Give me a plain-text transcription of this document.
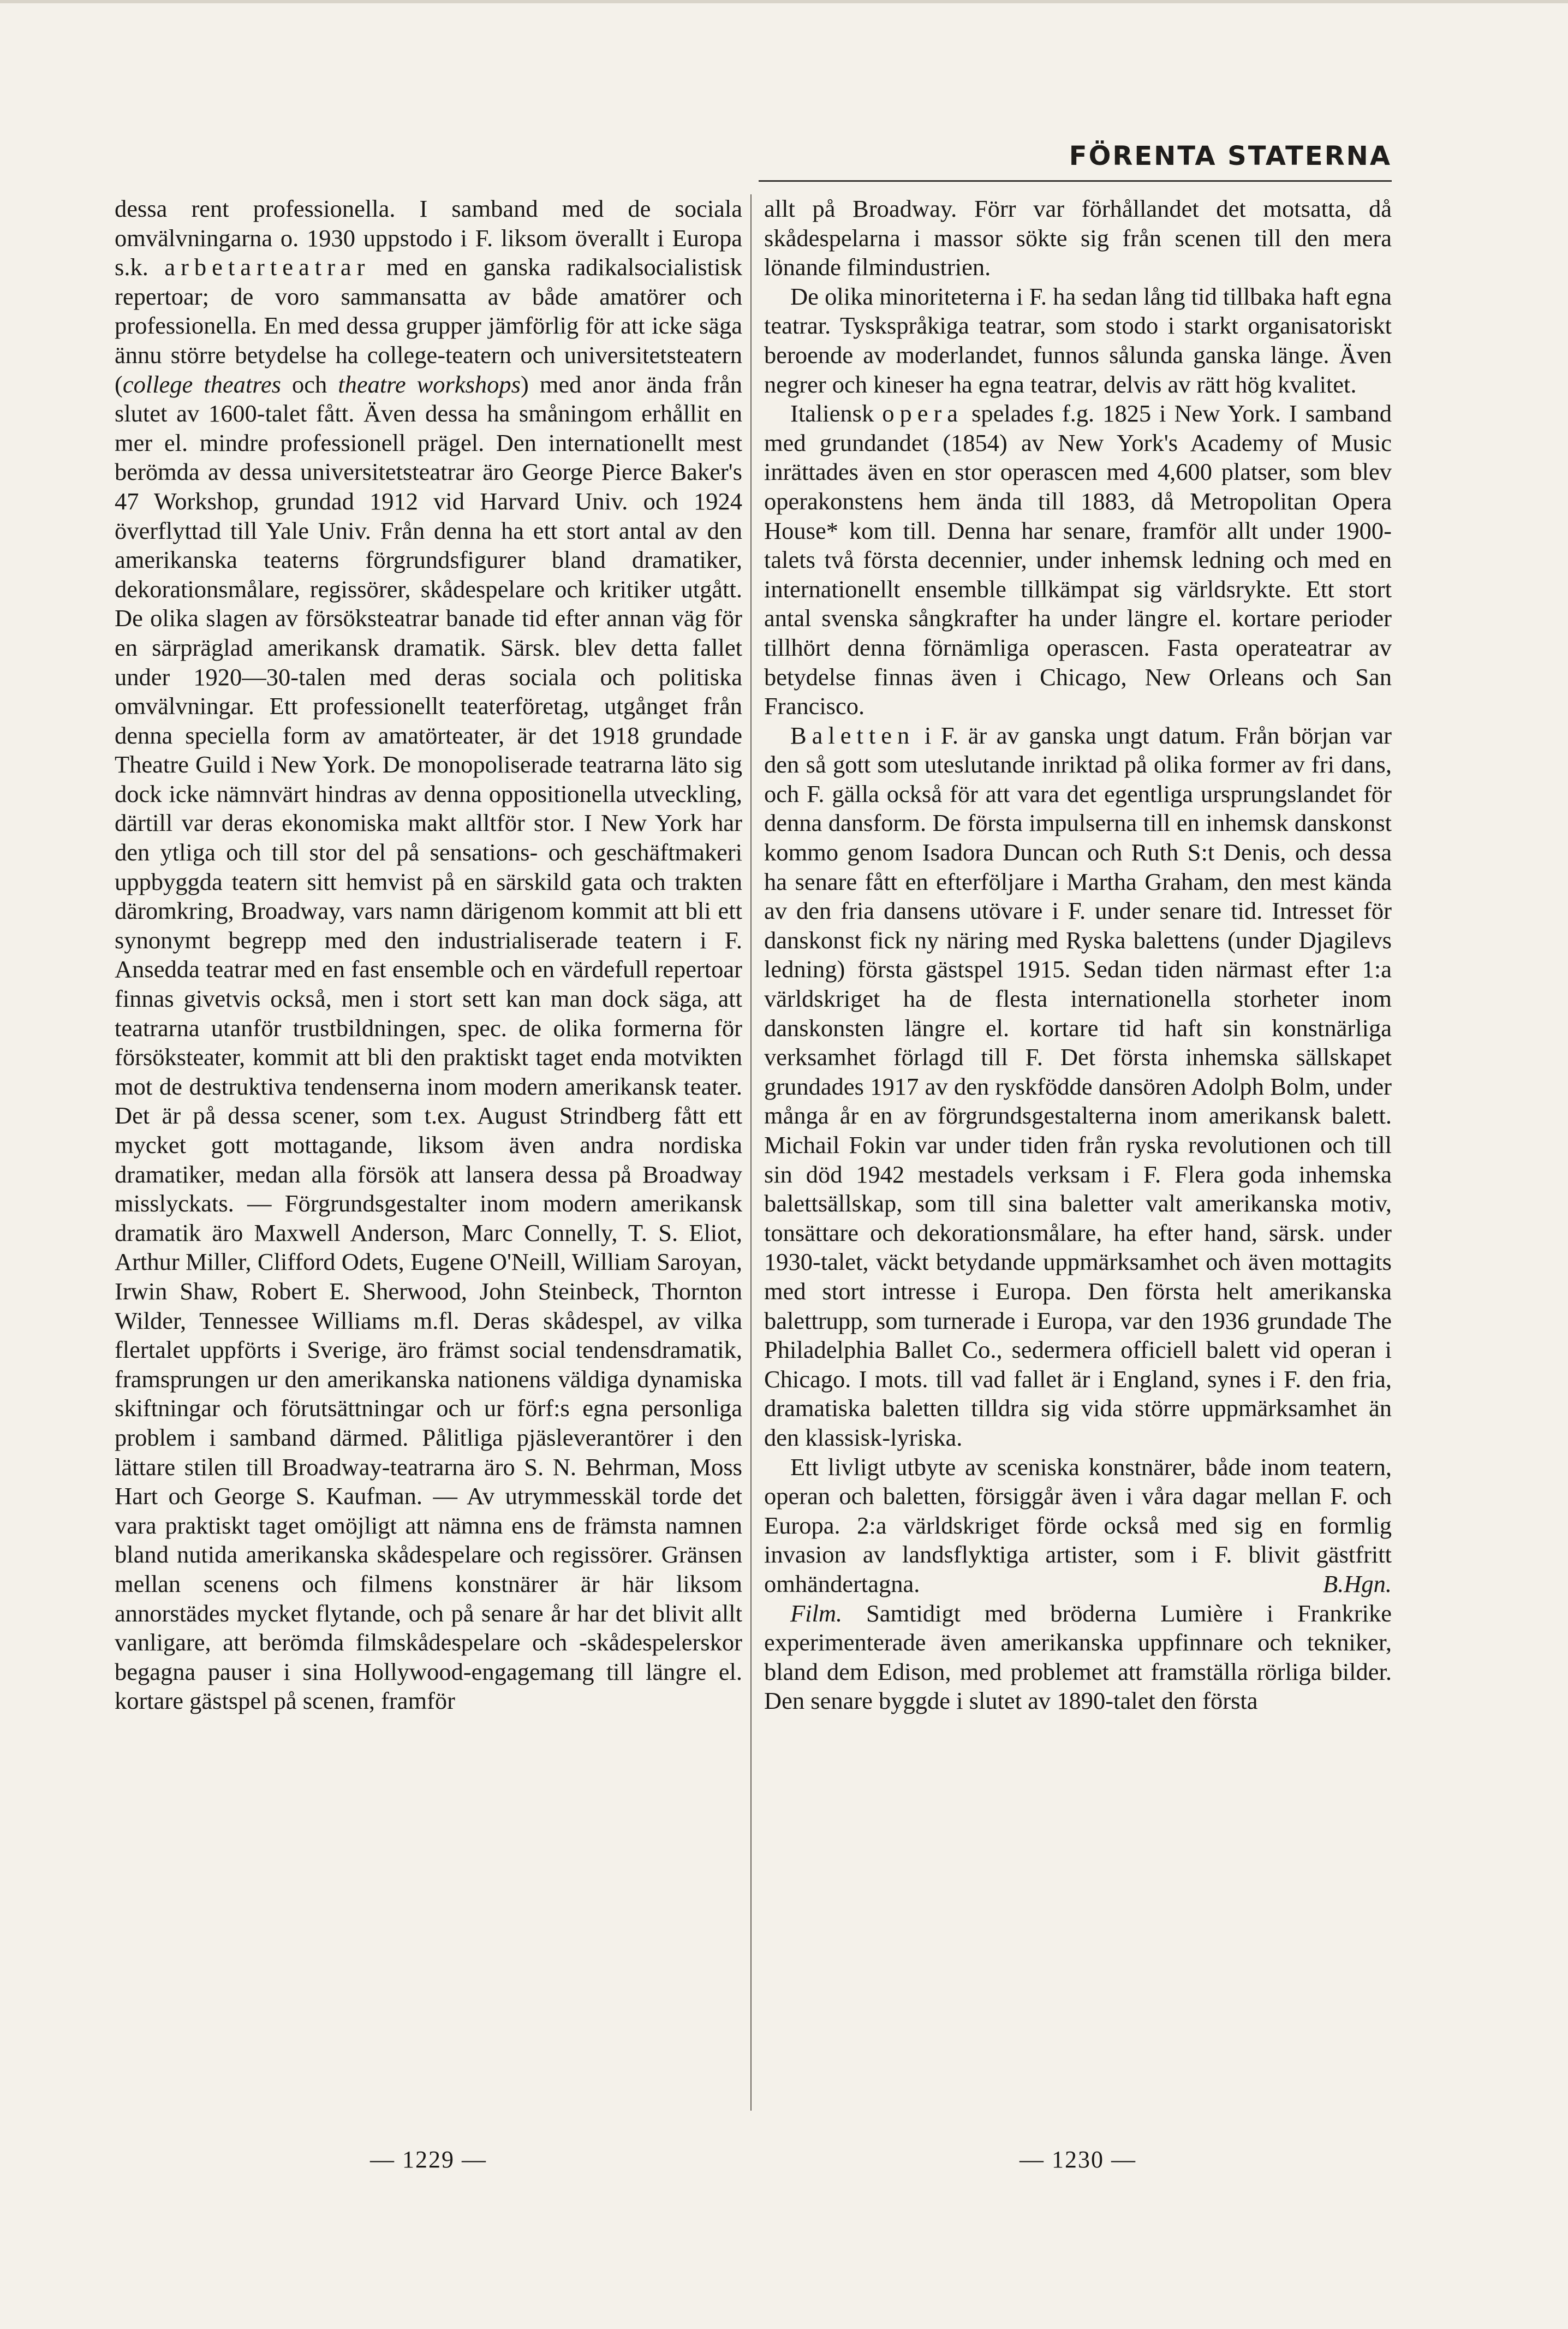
FÖRENTA STATERNA

dessa rent professionella. I samband med de sociala omvälvningarna o. 1930 uppstodo i F. liksom överallt i Europa s.k. arbetarteatrar med en ganska radikalsocialistisk repertoar; de voro sammansatta av både amatörer och professionella. En med dessa grupper jämförlig för att icke säga ännu större betydelse ha college-teatern och universitetsteatern (college theatres och theatre workshops) med anor ända från slutet av 1600-talet fått. Även dessa ha småningom erhållit en mer el. mindre professionell prägel. Den internationellt mest berömda av dessa universitetsteatrar äro George Pierce Baker's 47 Workshop, grundad 1912 vid Harvard Univ. och 1924 överflyttad till Yale Univ. Från denna ha ett stort antal av den amerikanska teaterns förgrundsfigurer bland dramatiker, dekorationsmålare, regissörer, skådespelare och kritiker utgått. De olika slagen av försöksteatrar banade tid efter annan väg för en särpräglad amerikansk dramatik. Särsk. blev detta fallet under 1920—30-talen med deras sociala och politiska omvälvningar. Ett professionellt teaterföretag, utgånget från denna speciella form av amatörteater, är det 1918 grundade Theatre Guild i New York. De monopoliserade teatrarna läto sig dock icke nämnvärt hindras av denna oppositionella utveckling, därtill var deras ekonomiska makt alltför stor. I New York har den ytliga och till stor del på sensations- och geschäftmakeri uppbyggda teatern sitt hemvist på en särskild gata och trakten däromkring, Broadway, vars namn därigenom kommit att bli ett synonymt begrepp med den industrialiserade teatern i F. Ansedda teatrar med en fast ensemble och en värdefull repertoar finnas givetvis också, men i stort sett kan man dock säga, att teatrarna utanför trustbildningen, spec. de olika formerna för försöksteater, kommit att bli den praktiskt taget enda motvikten mot de destruktiva tendenserna inom modern amerikansk teater. Det är på dessa scener, som t.ex. August Strindberg fått ett mycket gott mottagande, liksom även andra nordiska dramatiker, medan alla försök att lansera dessa på Broadway misslyckats. — Förgrundsgestalter inom modern amerikansk dramatik äro Maxwell Anderson, Marc Connelly, T. S. Eliot, Arthur Miller, Clifford Odets, Eugene O'Neill, William Saroyan, Irwin Shaw, Robert E. Sherwood, John Steinbeck, Thornton Wilder, Tennessee Williams m.fl. Deras skådespel, av vilka flertalet uppförts i Sverige, äro främst social tendensdramatik, framsprungen ur den amerikanska nationens väldiga dynamiska skiftningar och förutsättningar och ur förf:s egna personliga problem i samband därmed. Pålitliga pjäsleverantörer i den lättare stilen till Broadway-teatrarna äro S. N. Behrman, Moss Hart och George S. Kaufman. — Av utrymmesskäl torde det vara praktiskt taget omöjligt att nämna ens de främsta namnen bland nutida amerikanska skådespelare och regissörer. Gränsen mellan scenens och filmens konstnärer är här liksom annorstädes mycket flytande, och på senare år har det blivit allt vanligare, att berömda filmskådespelare och -skådespelerskor begagna pauser i sina Hollywood-engagemang till längre el. kortare gästspel på scenen, framför

allt på Broadway. Förr var förhållandet det motsatta, då skådespelarna i massor sökte sig från scenen till den mera lönande filmindustrien.

De olika minoriteterna i F. ha sedan lång tid tillbaka haft egna teatrar. Tyskspråkiga teatrar, som stodo i starkt organisatoriskt beroende av moderlandet, funnos sålunda ganska länge. Även negrer och kineser ha egna teatrar, delvis av rätt hög kvalitet.

Italiensk opera spelades f.g. 1825 i New York. I samband med grundandet (1854) av New York's Academy of Music inrättades även en stor operascen med 4,600 platser, som blev operakonstens hem ända till 1883, då Metropolitan Opera House* kom till. Denna har senare, framför allt under 1900-talets två första decennier, under inhemsk ledning och med en internationellt ensemble tillkämpat sig världsrykte. Ett stort antal svenska sångkrafter ha under längre el. kortare perioder tillhört denna förnämliga operascen. Fasta operateatrar av betydelse finnas även i Chicago, New Orleans och San Francisco.

Baletten i F. är av ganska ungt datum. Från början var den så gott som uteslutande inriktad på olika former av fri dans, och F. gälla också för att vara det egentliga ursprungslandet för denna dansform. De första impulserna till en inhemsk danskonst kommo genom Isadora Duncan och Ruth S:t Denis, och dessa ha senare fått en efterföljare i Martha Graham, den mest kända av den fria dansens utövare i F. under senare tid. Intresset för danskonst fick ny näring med Ryska balettens (under Djagilevs ledning) första gästspel 1915. Sedan tiden närmast efter 1:a världskriget ha de flesta internationella storheter inom danskonsten längre el. kortare tid haft sin konstnärliga verksamhet förlagd till F. Det första inhemska sällskapet grundades 1917 av den ryskfödde dansören Adolph Bolm, under många år en av förgrundsgestalterna inom amerikansk balett. Michail Fokin var under tiden från ryska revolutionen och till sin död 1942 mestadels verksam i F. Flera goda inhemska balettsällskap, som till sina baletter valt amerikanska motiv, tonsättare och dekorationsmålare, ha efter hand, särsk. under 1930-talet, väckt betydande uppmärksamhet och även mottagits med stort intresse i Europa. Den första helt amerikanska balettrupp, som turnerade i Europa, var den 1936 grundade The Philadelphia Ballet Co., sedermera officiell balett vid operan i Chicago. I mots. till vad fallet är i England, synes i F. den fria, dramatiska baletten tilldra sig vida större uppmärksamhet än den klassisk-lyriska.

Ett livligt utbyte av sceniska konstnärer, både inom teatern, operan och baletten, försiggår även i våra dagar mellan F. och Europa. 2:a världskriget förde också med sig en formlig invasion av landsflyktiga artister, som i F. blivit gästfritt omhändertagna.	B.Hgn.

Film. Samtidigt med bröderna Lumière i Frankrike experimenterade även amerikanska uppfinnare och tekniker, bland dem Edison, med problemet att framställa rörliga bilder. Den senare byggde i slutet av 1890-talet den första

— 1229 —	— 1230 —
